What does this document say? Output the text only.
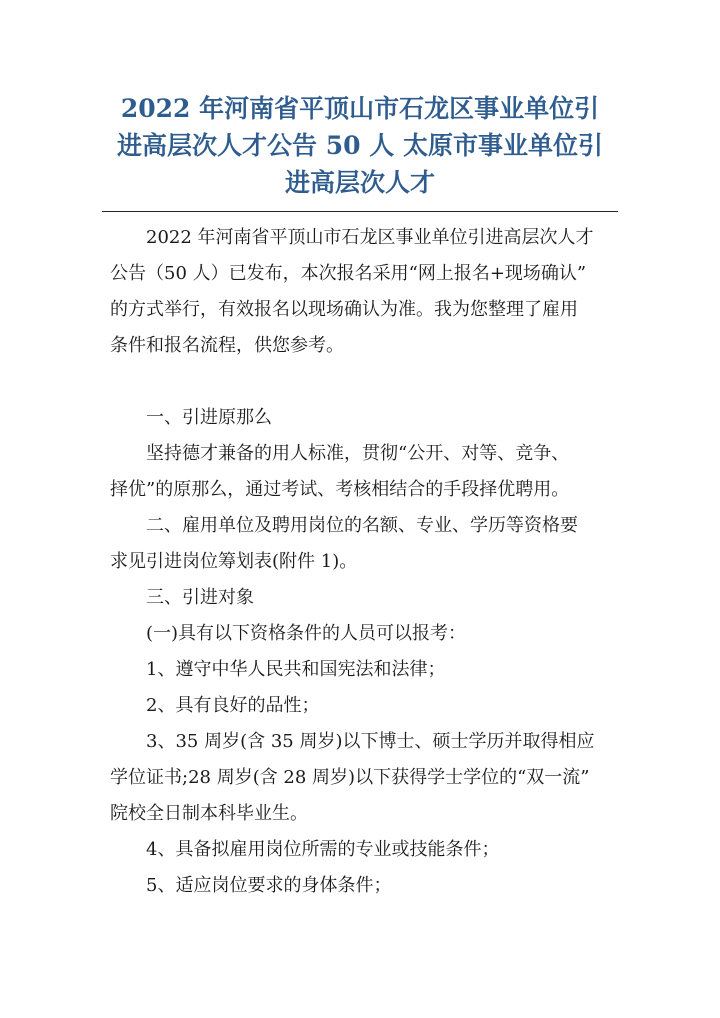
2022 年河南省平顶山市石龙区事业单位引
进高层次人才公告 50 人 太原市事业单位引
进高层次人才

2022 年河南省平顶山市石龙区事业单位引进高层次人才
公告（50 人）已发布，本次报名采用“网上报名+现场确认”
的方式举行，有效报名以现场确认为准。我为您整理了雇用
条件和报名流程，供您参考。

一、引进原那么

坚持德才兼备的用人标准，贯彻“公开、对等、竞争、
择优”的原那么，通过考试、考核相结合的手段择优聘用。

二、雇用单位及聘用岗位的名额、专业、学历等资格要
求见引进岗位筹划表(附件 1)。

三、引进对象

(一)具有以下资格条件的人员可以报考：

1、遵守中华人民共和国宪法和法律；

2、具有良好的品性；

3、35 周岁(含 35 周岁)以下博士、硕士学历并取得相应
学位证书;28 周岁(含 28 周岁)以下获得学士学位的“双一流”
院校全日制本科毕业生。

4、具备拟雇用岗位所需的专业或技能条件；

5、适应岗位要求的身体条件；
